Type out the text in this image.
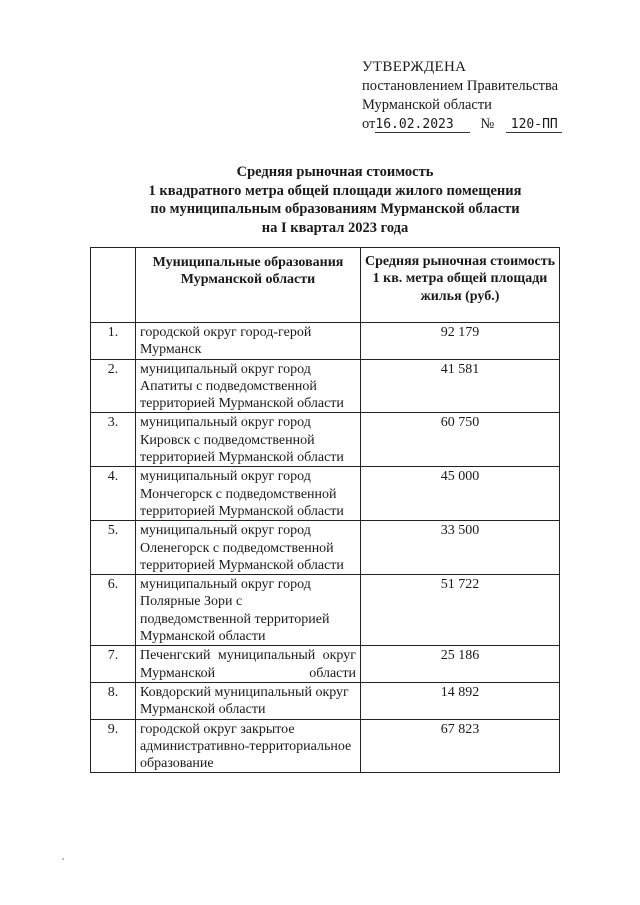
УТВЕРЖДЕНА
постановлением Правительства
Мурманской области
от16.02.2023 № 120-ПП
Средняя рыночная стоимость
1 квадратного метра общей площади жилого помещения
по муниципальным образованиям Мурманской области
на I квартал 2023 года
	Муниципальные образования Мурманской области	Средняя рыночная стоимость 1 кв. метра общей площади жилья (руб.)
1.	городской округ город-герой Мурманск	92 179
2.	муниципальный округ город Апатиты с подведомственной территорией Мурманской области	41 581
3.	муниципальный округ город Кировск с подведомственной территорией Мурманской области	60 750
4.	муниципальный округ город Мончегорск с подведомственной территорией Мурманской области	45 000
5.	муниципальный округ город Оленегорск с подведомственной территорией Мурманской области	33 500
6.	муниципальный округ город Полярные Зори с подведомственной территорией Мурманской области	51 722
7.	Печенгский муниципальный округ Мурманской области	25 186
8.	Ковдорский муниципальный округ Мурманской области	14 892
9.	городской округ закрытое административно-территориальное образование	67 823
